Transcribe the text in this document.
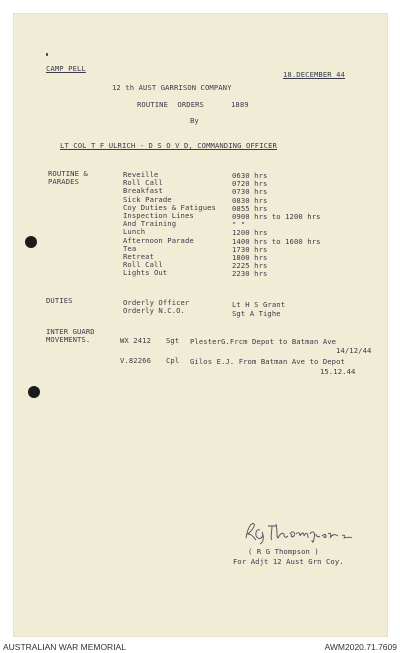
CAMP PELL
18.DECEMBER 44
12 th AUST GARRISON COMPANY
ROUTINE ORDERS	1889
By
LT COL T F ULRICH - D S O V D, COMMANDING OFFICER
ROUTINE &
PARADES
Reveille	0630 hrs
Roll Call	0720 hrs
Breakfast	0730 hrs
Sick Parade	0830 hrs
Coy Duties & Fatigues 0855 hrs
Inspection Lines	0900 hrs to 1200 hrs
And Training	" "
Lunch	1200 hrs
Afternoon Parade	1400 hrs to 1600 hrs
Tea	1730 hrs
Retreat	1800 hrs
Roll Call	2225 hrs
Lights Out	2230 hrs
DUTIES	Orderly Officer	Lt H S Grant
Orderly N.C.O.	Sgt A Tighe
INTER GUARD
MOVEMENTS.	WX 2412 Sgt PlesterG.Frcm Depot to Batman Ave
14/12/44
V.82266 Cpl Gilos E.J. From Batman Ave to Depot
15.12.44
( R G Thompson )
For Adjt 12 Aust Grn Coy.
AUSTRALIAN WAR MEMORIAL	AWM2020.71.7609
